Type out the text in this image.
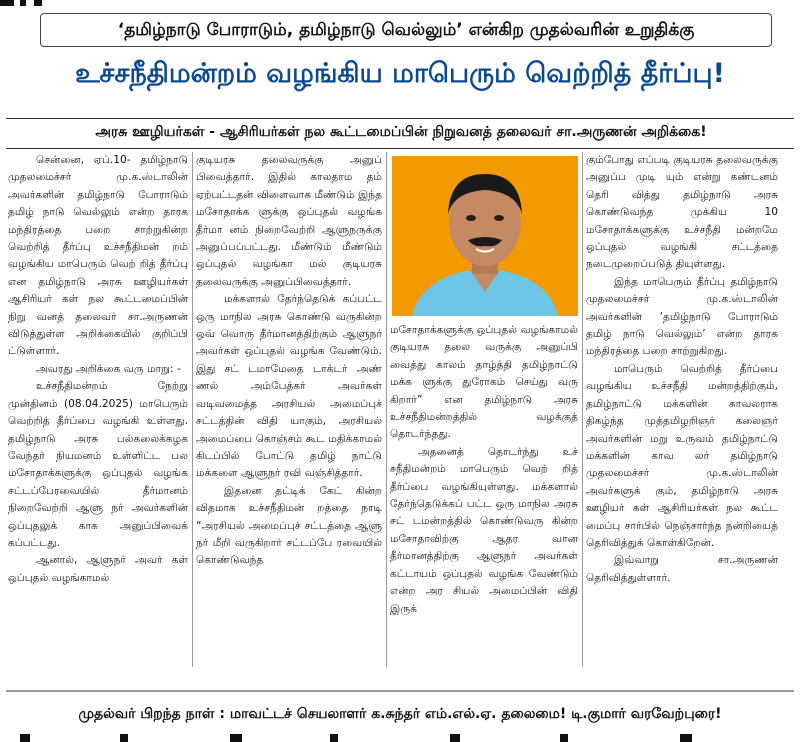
‘தமிழ்நாடு போராடும், தமிழ்நாடு வெல்லும்’ என்கிற முதல்வரின் உறுதிக்கு
உச்சநீதிமன்றம் வழங்கிய மாபெரும் வெற்றித் தீர்ப்பு!
அரசு ஊழியர்கள் - ஆசிரியர்கள் நல கூட்டமைப்பின் நிறுவனத் தலைவர் சா.அருணன் அறிக்கை!

சென்னை, ஏப்.10- தமிழ்நாடு முதலமைச்சர் மு.க.ஸ்டாலின் அவர்களின் தமிழ்நாடு போராடும் தமிழ் நாடு வெல்லும் என்ற தாரக மந்திரத்தை பறை சாற்றுகின்ற வெற்றித் தீர்ப்பு உச்சநீதிமன் றம் வழங்கிய மாபெரும் வெற் றித் தீர்ப்பு என தமிழ்நாடு அரசு ஊழியர்கள் ஆசிரியர் கள் நல கூட்டமைப்பின் நிறு வனத் தலைவர் சா.அருணன் விடுத்துள்ள அறிக்கையில் குறிப்பி ட்டுள்ளார்.

அவரது அறிக்கை வரு மாறு: -

உச்சநீதிமன்றம் நேற்று முன்தினம் (08.04.2025) மாபெரும் வெற்றித் தீர்ப்பை வழங்கி உள்ளது. தமிழ்நாடு அரசு பல்கலைக்கழக வேந்தர் நியமனம் உள்ளிட்ட பல மசோதாக்களுக்கு ஒப்புதல் வழங்க சட்டப்பேரவையில் தீர்மானம் நிறைவேற்றி ஆளு நர் அவர்களின் ஒப்புதலுக் காக அனுப்பிவைக் கப்பட்டது.

ஆனால், ஆளுநர் அவர் கள் ஒப்புதல் வழங்காமல்

குடியரசு தலைவருக்கு அனுப் பிவைத்தார். இதில் காலதாம தம் ஏற்பட்டதன் விளைவாக மீண்டும் இந்த மசோதாக்க ளுக்கு ஒப்புதல் வழங்க தீர்மா னம் நிறைவேற்றி ஆளுநருக்கு அனுப்பப்பட்டது. மீண்டும் மீண்டும் ஒப்புதல் வழங்கா மல் குடியரசு தலைவருக்கு அனுப்பிவைத்தார்.

மக்களால் தேர்ந்தெடுக் கப்பட்ட ஒரு மாநில அரசு கொண்டு வருகின்ற ஒவ் வொரு தீர்மானத்திற்கும் ஆளுநர் அவர்கள் ஒப்புதல் வழங்க வேண்டும். இது சட் டமாமேதை டாக்டர் அண் ணல் அம்பேத்கர் அவர்கள் வடிவமைத்த அரசியல் அமைப்புச் சட்டத்தின் விதி யாகும், அரசியல் அமைப்பை கொஞ்சம் கூட மதிக்காமல் கிடப்பில் போட்டு தமிழ் நாட்டு மக்களை ஆளுநர் ரவி வஞ்சித்தார்.

இதனை தட்டிக் கேட் கின்ற விதமாக உச்சநீதிமன் றத்தை நாடி “அரசியல் அமைப்புச் சட்டத்தை ஆளு நர் மீறி வருகிறார் சட்டப்பே ரவையில் கொண்டுவந்த

மசோதாக்களுக்கு ஒப்புதல் வழங்காமல் குடியரசு தலை வருக்கு அனுப்பி வைத்து காலம் தாழ்த்தி தமிழ்நாட்டு மக்க ளுக்கு துரோகம் செய்து வரு கிறார்” என தமிழ்நாடு அரசு உச்சநீதிமன்றத்தில் வழக்குத் தொடர்ந்தது.

அதனைத் தொடர்ந்து உச் சநீதிமன்றம் மாபெரும் வெற் றித் தீர்ப்பை வழங்கியுள்ளது. மக்களால் தேர்ந்தெடுக்கப் பட்ட ஒரு மாநில அரசு சட் டமன்றத்தில் கொண்டுவரு கின்ற மசோதாவிற்கு ஆதர வான தீர்மானத்திற்கு ஆளுநர் அவர்கள் கட்டாயம் ஒப்புதல் வழங்க வேண்டும் என்ற அர சியல் அமைப்பின் விதி இருக்

கும்போது எப்படி குடியரசு தலைவருக்கு அனுப்ப முடி யும் என்று கண்டனம் தெரி வித்து தமிழ்நாடு அரசு கொண்டுவந்த முக்கிய 10 மசோதாக்களுக்கு உச்சநீதி மன்றமே ஒப்புதல் வழங்கி சட்டத்தை நடைமுறைப்படுத் தியுள்ளது.

இந்த மாபெரும் தீர்ப்பு தமிழ்நாடு முதலமைச்சர் மு.க.ஸ்டாலின் அவர்களின் ‘தமிழ்நாடு போராடும் தமிழ் நாடு வெல்லும்’ என்ற தாரக மந்திரத்தை பறை சாற்றுகிறது.

மாபெரும் வெற்றித் தீர்ப்பை வழங்கிய உச்சநீதி மன்றத்திற்கும், தமிழ்நாட்டு மக்களின் காவலராக திகழ்ந்த முத்தமிழறிஞர் கலைஞர் அவர்களின் மறு உருவம் தமிழ்நாட்டு மக்களின் காவ லர் தமிழ்நாடு முதலமைச்சர் மு.க.ஸ்டாலின் அவர்களுக் கும், தமிழ்நாடு அரசு ஊழியர் கள் ஆசிரியர்கள் நல கூட்ட மைப்பு சார்பில் நெஞ்சார்ந்த நன்றியைத் தெரிவித்துக் கொள்கிறேன்.

இவ்வாறு சா.அருணன் தெரிவித்துள்ளார்.

முதல்வர் பிறந்த நாள் : மாவட்டச் செயலாளர் க.சுந்தர் எம்.எல்.ஏ. தலைமை! டி.குமார் வரவேற்புரை!
